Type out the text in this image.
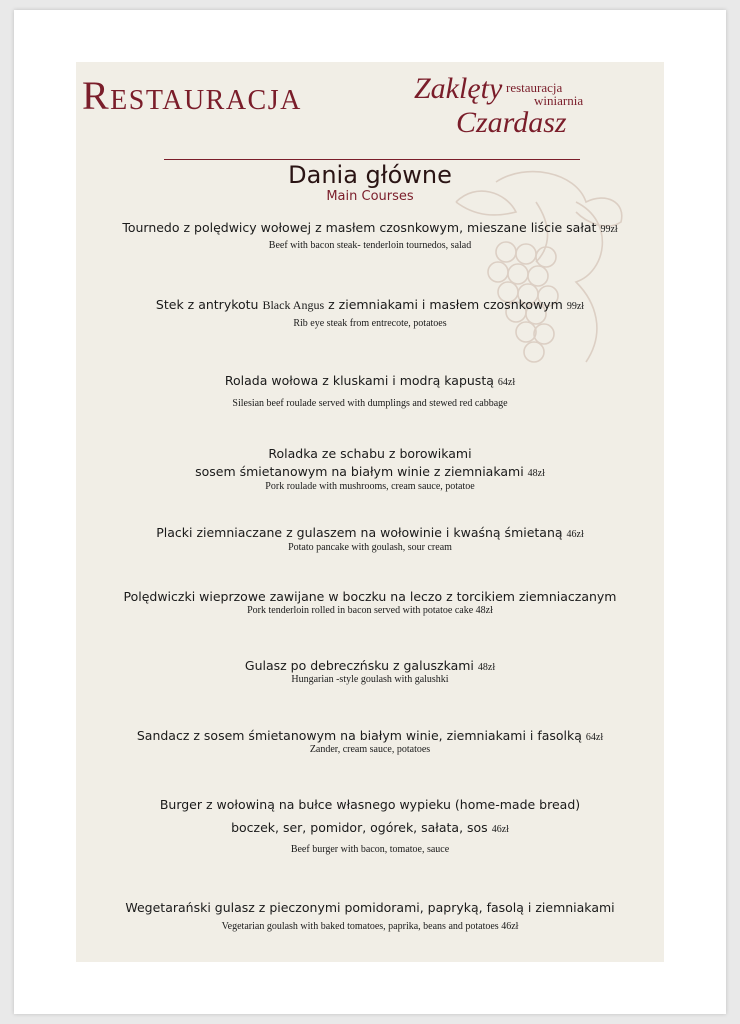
Zaklęty
Czardasz
restauracja
winiarnia
Dania główne
Main Courses
Tournedo z polędwicy wołowej z masłem czosnkowym, mieszane liście sałat 99zł
Beef with bacon steak- tenderloin tournedos, salad
Stek z antrykotu Black Angus z ziemniakami i masłem czosnkowym 99zł
Rib eye steak from entrecote, potatoes
Rolada wołowa z kluskami i modrą kapustą 64zł
Silesian beef roulade served with dumplings and stewed red cabbage
Roladka ze schabu z borowikami
sosem śmietanowym na białym winie z ziemniakami 48zł
Pork roulade with mushrooms, cream sauce, potatoe
Placki ziemniaczane z gulaszem na wołowinie i kwaśną śmietaną 46zł
Potato pancake with goulash, sour cream
Polędwiczki wieprzowe zawijane w boczku na leczo z torcikiem ziemniaczanym
Pork tenderloin rolled in bacon served with potatoe cake 48zł
Gulasz po debreczńsku z galuszkami 48zł
Hungarian -style goulash with galushki
Sandacz z sosem śmietanowym na białym winie, ziemniakami i fasolką 64zł
Zander, cream sauce, potatoes
Burger z wołowiną na bułce własnego wypieku (home-made bread)
boczek, ser, pomidor, ogórek, sałata, sos 46zł
Beef burger with bacon, tomatoe, sauce
Wegetarański gulasz z pieczonymi pomidorami, papryką, fasolą i ziemniakami
Vegetarian goulash with baked tomatoes, paprika, beans and potatoes 46zł
Restauracja
